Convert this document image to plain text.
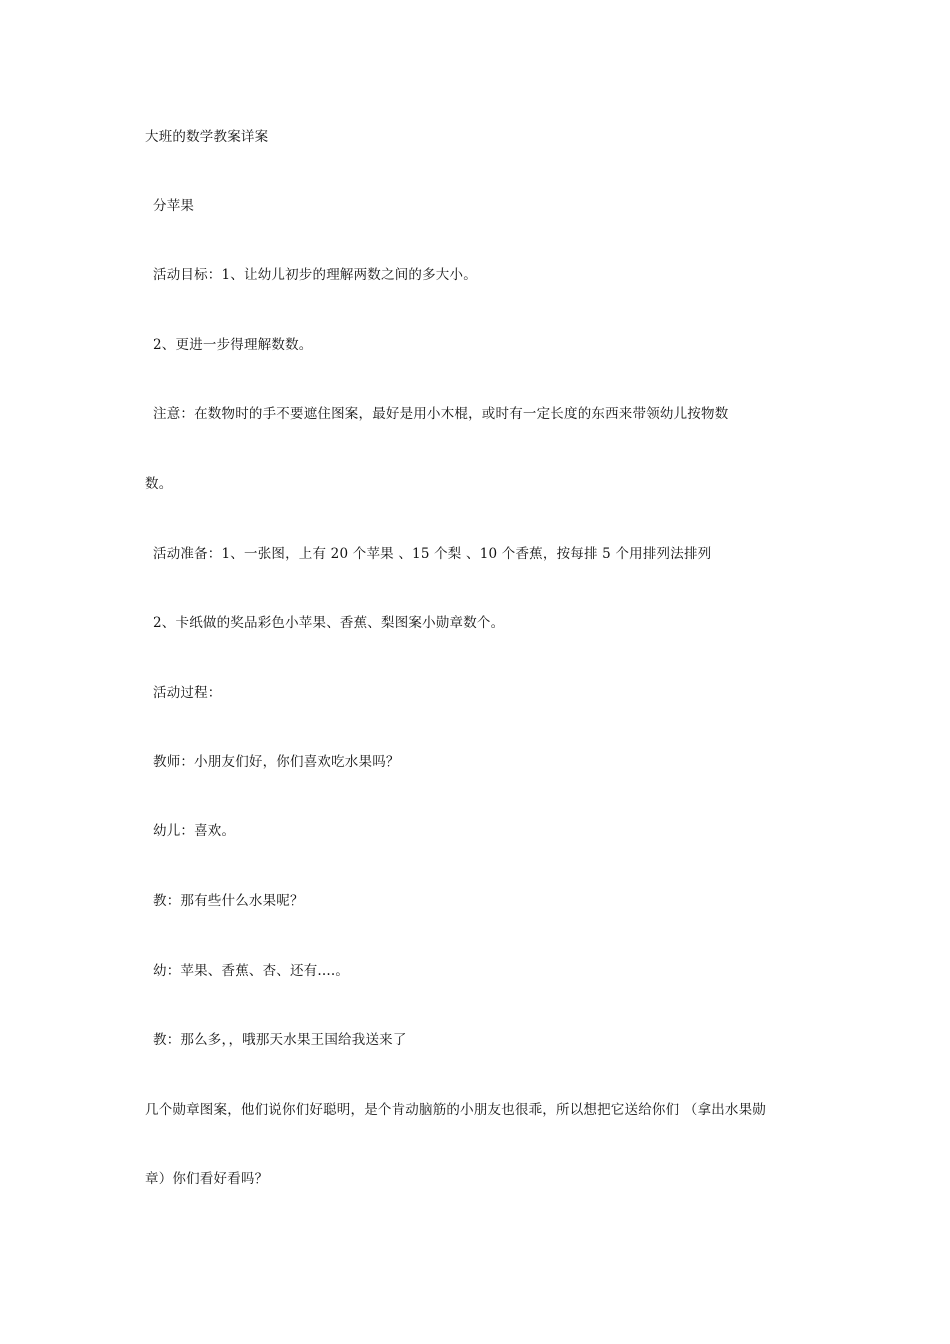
大班的数学教案详案
分苹果
活动目标：1、让幼儿初步的理解两数之间的多大小。
2、更进一步得理解数数。
注意：在数物时的手不要遮住图案，最好是用小木棍，或时有一定长度的东西来带领幼儿按物数
数。
活动准备：1、一张图，上有 20 个苹果 、15 个梨 、10 个香蕉，按每排 5 个用排列法排列
2、卡纸做的奖品彩色小苹果、香蕉、梨图案小勋章数个。
活动过程：
教师：小朋友们好，你们喜欢吃水果吗？
幼儿：喜欢。
教：那有些什么水果呢？
幼：苹果、香蕉、杏、还有....。
教：那么多，，哦那天水果王国给我送来了
几个勋章图案，他们说你们好聪明，是个肯动脑筋的小朋友也很乖，所以想把它送给你们 （拿出水果勋
章）你们看好看吗？
